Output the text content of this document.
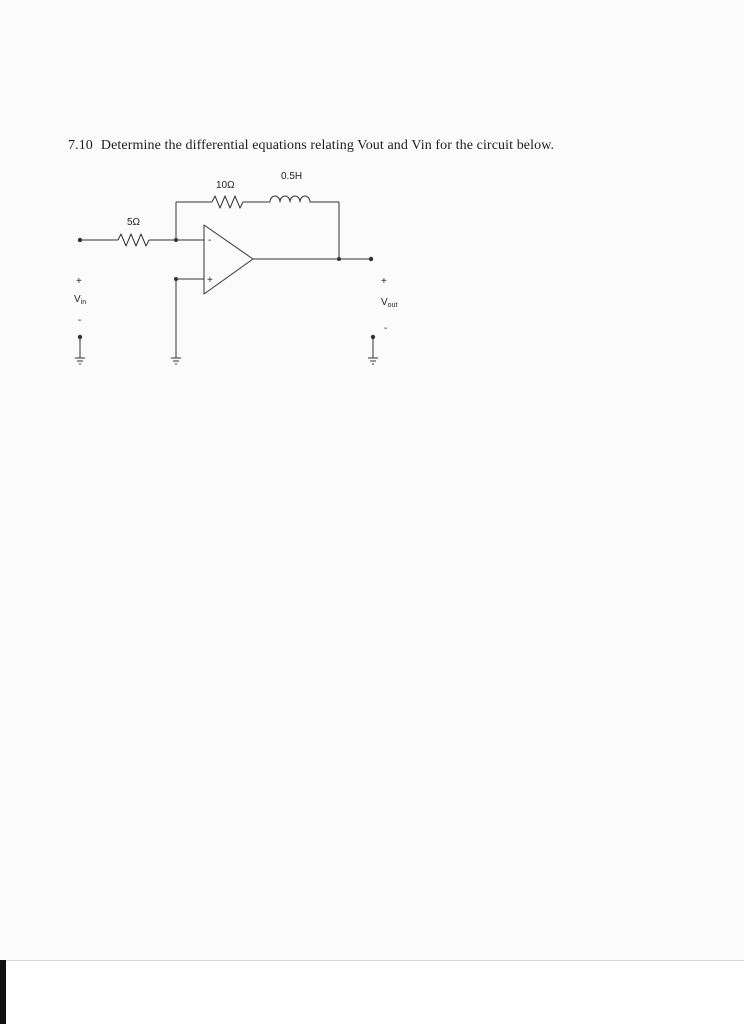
7.10 Determine the differential equations relating Vout and Vin for the circuit below.
10Ω
0.5H
5Ω
-
+
+
$V_{in}$
-
+
$V_{out}$
-
